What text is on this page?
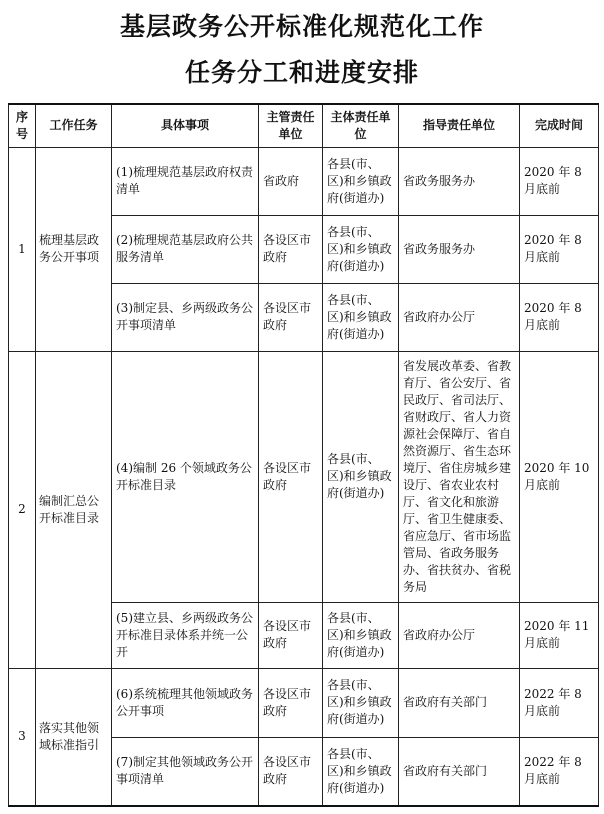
基层政务公开标准化规范化工作
任务分工和进度安排
序号	工作任务	具体事项	主管责任单位	主体责任单位	指导责任单位	完成时间
1	梳理基层政务公开事项	(1)梳理规范基层政府权责清单	省政府	各县(市、区)和乡镇政府(街道办)	省政务服务办	2020 年 8 月底前
		(2)梳理规范基层政府公共服务清单	各设区市政府	各县(市、区)和乡镇政府(街道办)	省政务服务办	2020 年 8 月底前
		(3)制定县、乡两级政务公开事项清单	各设区市政府	各县(市、区)和乡镇政府(街道办)	省政府办公厅	2020 年 8 月底前
2	编制汇总公开标准目录	(4)编制 26 个领域政务公开标准目录	各设区市政府	各县(市、区)和乡镇政府(街道办)	省发展改革委、省教育厅、省公安厅、省民政厅、省司法厅、省财政厅、省人力资源社会保障厅、省自然资源厅、省生态环境厅、省住房城乡建设厅、省农业农村厅、省文化和旅游厅、省卫生健康委、省应急厅、省市场监管局、省政务服务办、省扶贫办、省税务局	2020 年 10 月底前
		(5)建立县、乡两级政务公开标准目录体系并统一公开	各设区市政府	各县(市、区)和乡镇政府(街道办)	省政府办公厅	2020 年 11 月底前
3	落实其他领域标准指引	(6)系统梳理其他领域政务公开事项	各设区市政府	各县(市、区)和乡镇政府(街道办)	省政府有关部门	2022 年 8 月底前
		(7)制定其他领域政务公开事项清单	各设区市政府	各县(市、区)和乡镇政府(街道办)	省政府有关部门	2022 年 8 月底前
